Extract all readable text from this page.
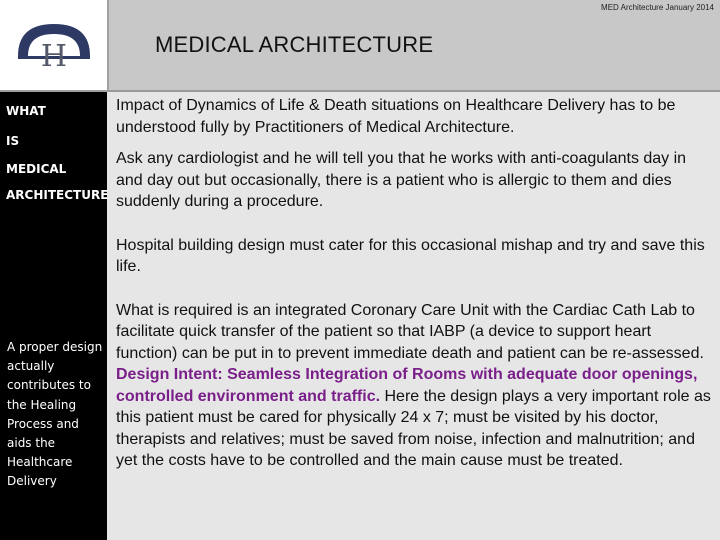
H
MED Architecture January 2014
MEDICAL ARCHITECTURE
WHAT
IS
MEDICAL
ARCHITECTURE
A proper design actually contributes to the Healing Process and aids the Healthcare Delivery

Impact of Dynamics of Life & Death situations on Healthcare Delivery has to be understood fully by Practitioners of Medical Architecture.

Ask any cardiologist and he will tell you that he works with anti-coagulants day in and day out but occasionally, there is a patient who is allergic to them and dies suddenly during a procedure.

Hospital building design must cater for this occasional mishap and try and save this life.

What is required is an integrated Coronary Care Unit with the Cardiac Cath Lab to facilitate quick transfer of the patient so that IABP (a device to support heart function) can be put in to prevent immediate death and patient can be re-assessed. Design Intent: Seamless Integration of Rooms with adequate door openings, controlled environment and traffic. Here the design plays a very important role as this patient must be cared for physically 24 x 7; must be visited by his doctor, therapists and relatives; must be saved from noise, infection and malnutrition; and yet the costs have to be controlled and the main cause must be treated.
